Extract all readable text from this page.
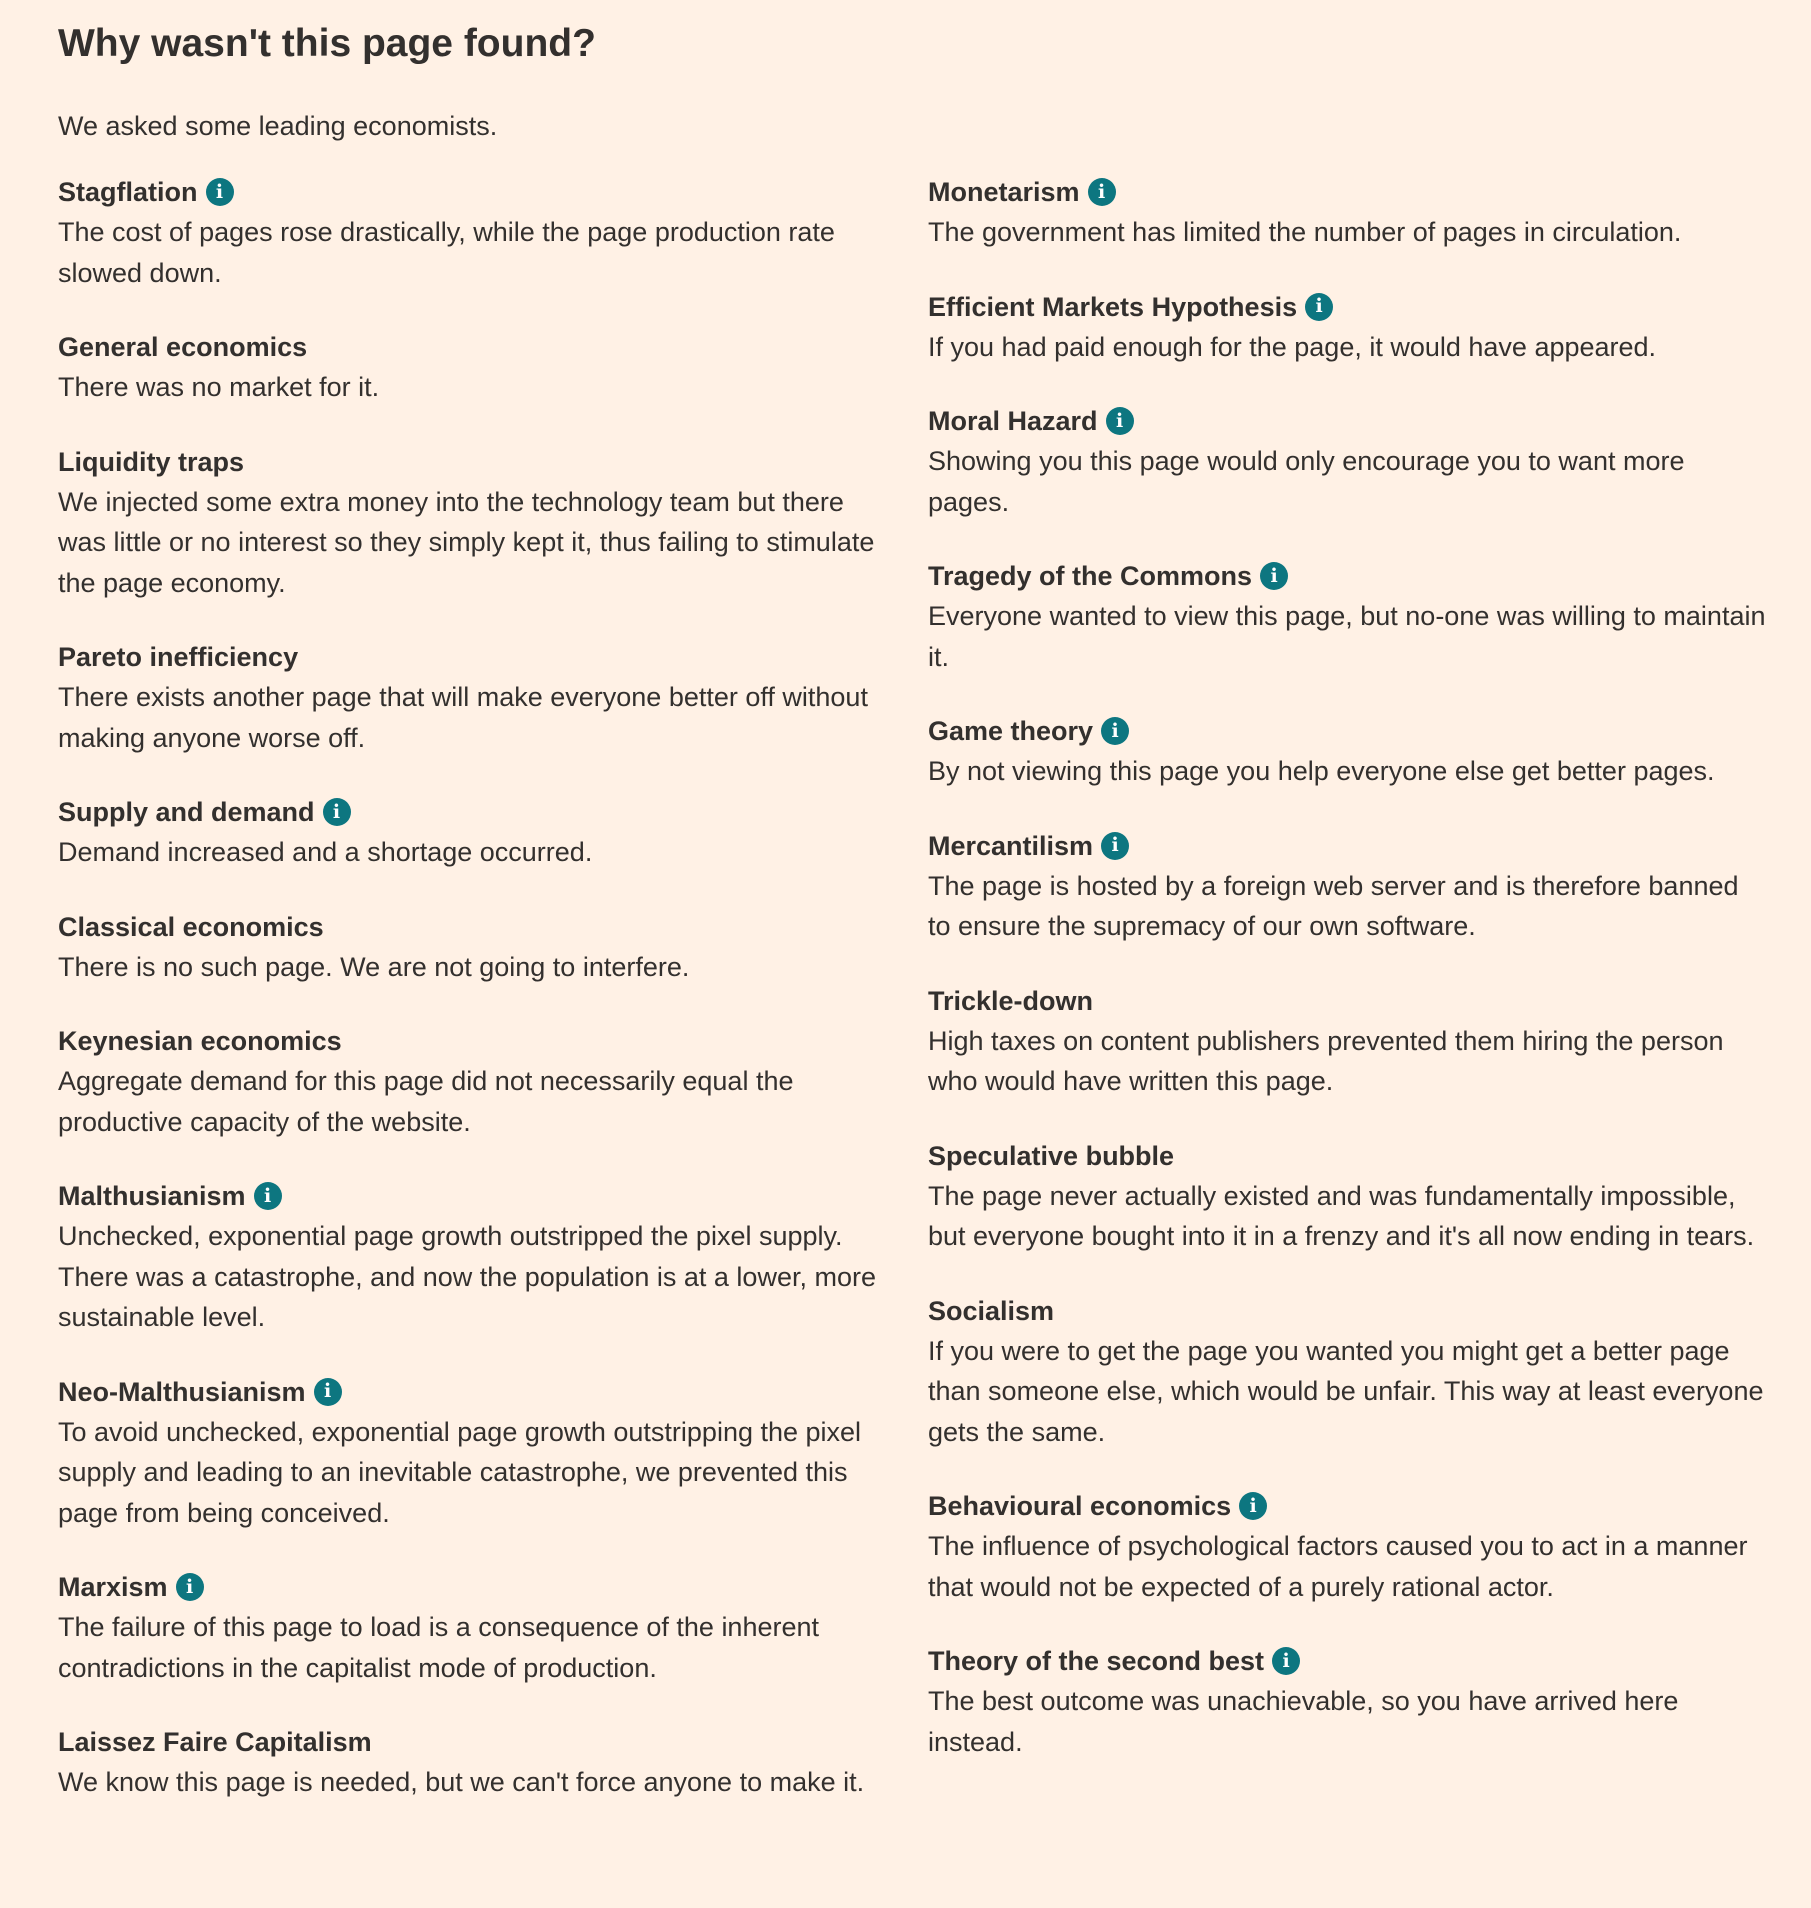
Why wasn't this page found?

We asked some leading economists.

Stagflation i
The cost of pages rose drastically, while the page production rate slowed down.
General economics
There was no market for it.
Liquidity traps
We injected some extra money into the technology team but there was little or no interest so they simply kept it, thus failing to stimulate the page economy.
Pareto inefficiency
There exists another page that will make everyone better off without making anyone worse off.
Supply and demand i
Demand increased and a shortage occurred.
Classical economics
There is no such page. We are not going to interfere.
Keynesian economics
Aggregate demand for this page did not necessarily equal the productive capacity of the website.
Malthusianism i
Unchecked, exponential page growth outstripped the pixel supply. There was a catastrophe, and now the population is at a lower, more sustainable level.
Neo-Malthusianism i
To avoid unchecked, exponential page growth outstripping the pixel supply and leading to an inevitable catastrophe, we prevented this page from being conceived.
Marxism i
The failure of this page to load is a consequence of the inherent contradictions in the capitalist mode of production.
Laissez Faire Capitalism
We know this page is needed, but we can't force anyone to make it.
Monetarism i
The government has limited the number of pages in circulation.
Efficient Markets Hypothesis i
If you had paid enough for the page, it would have appeared.
Moral Hazard i
Showing you this page would only encourage you to want more pages.
Tragedy of the Commons i
Everyone wanted to view this page, but no-one was willing to maintain it.
Game theory i
By not viewing this page you help everyone else get better pages.
Mercantilism i
The page is hosted by a foreign web server and is therefore banned to ensure the supremacy of our own software.
Trickle-down
High taxes on content publishers prevented them hiring the person who would have written this page.
Speculative bubble
The page never actually existed and was fundamentally impossible, but everyone bought into it in a frenzy and it's all now ending in tears.
Socialism
If you were to get the page you wanted you might get a better page than someone else, which would be unfair. This way at least everyone gets the same.
Behavioural economics i
The influence of psychological factors caused you to act in a manner that would not be expected of a purely rational actor.
Theory of the second best i
The best outcome was unachievable, so you have arrived here instead.
